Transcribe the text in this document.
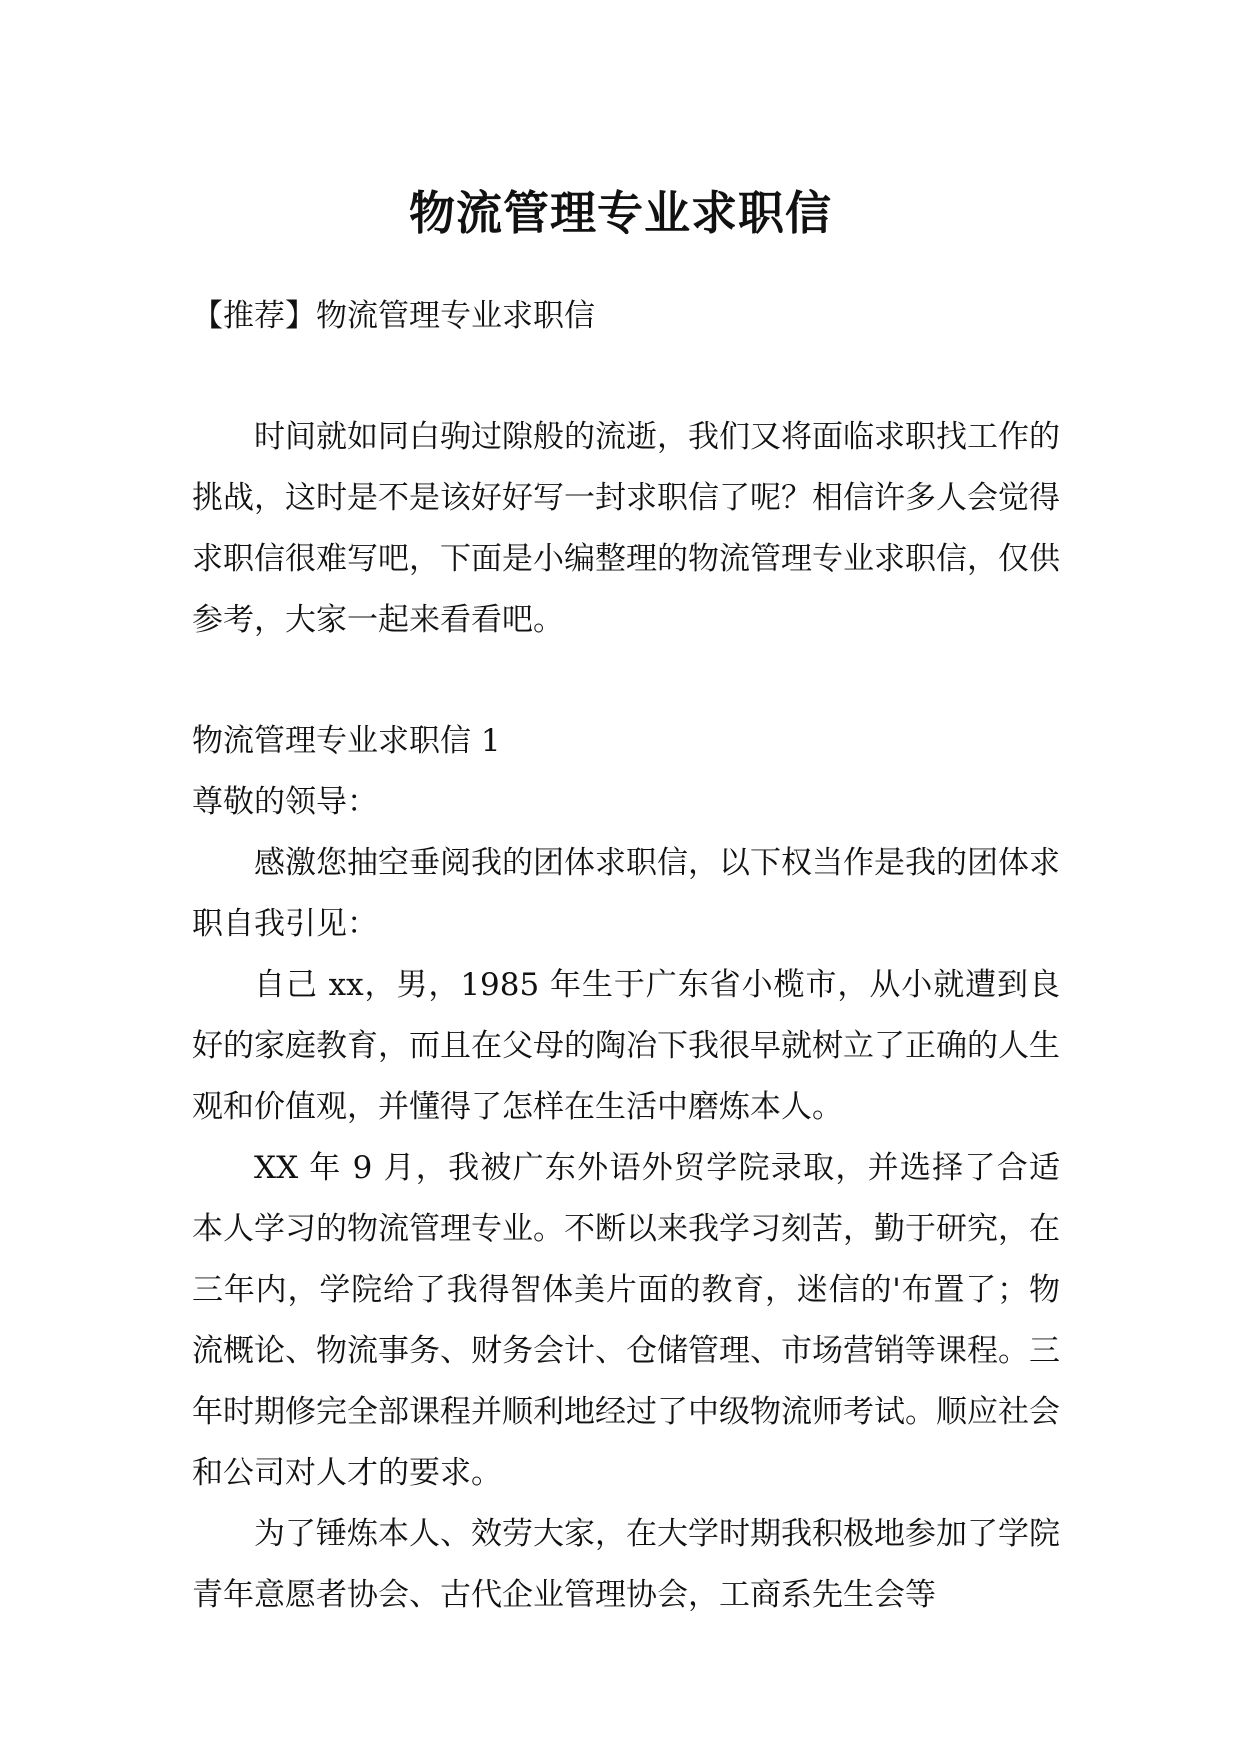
物流管理专业求职信

【推荐】物流管理专业求职信

时间就如同白驹过隙般的流逝，我们又将面临求职找工作的挑战，这时是不是该好好写一封求职信了呢？相信许多人会觉得求职信很难写吧，下面是小编整理的物流管理专业求职信，仅供参考，大家一起来看看吧。

物流管理专业求职信 1

尊敬的领导：

感激您抽空垂阅我的团体求职信，以下权当作是我的团体求职自我引见：

自己 xx，男，1985 年生于广东省小榄市，从小就遭到良好的家庭教育，而且在父母的陶冶下我很早就树立了正确的人生观和价值观，并懂得了怎样在生活中磨炼本人。

XX 年 9 月，我被广东外语外贸学院录取，并选择了合适本人学习的物流管理专业。不断以来我学习刻苦，勤于研究，在三年内，学院给了我得智体美片面的教育，迷信的'布置了；物流概论、物流事务、财务会计、仓储管理、市场营销等课程。三年时期修完全部课程并顺利地经过了中级物流师考试。顺应社会和公司对人才的要求。

为了锤炼本人、效劳大家，在大学时期我积极地参加了学院青年意愿者协会、古代企业管理协会，工商系先生会等
